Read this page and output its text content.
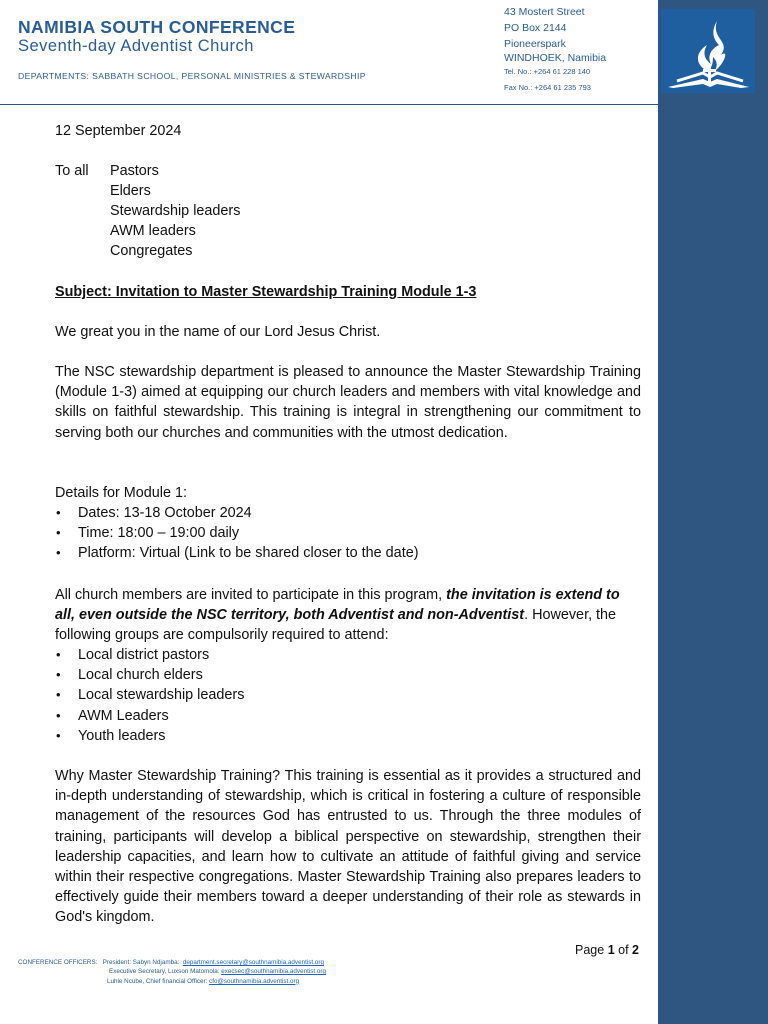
NAMIBIA SOUTH CONFERENCE
Seventh-day Adventist Church
DEPARTMENTS: SABBATH SCHOOL, PERSONAL MINISTRIES & STEWARDSHIP
43 Mostert Street
PO Box 2144
Pioneerspark
WINDHOEK, Namibia
Tel. No.: +264 61 228 140
Fax No.: +264 61 235 793
12 September 2024
To all	Pastors
Elders
Stewardship leaders
AWM leaders
Congregates
Subject: Invitation to Master Stewardship Training Module 1-3
We great you in the name of our Lord Jesus Christ.
The NSC stewardship department is pleased to announce the Master Stewardship Training (Module 1-3) aimed at equipping our church leaders and members with vital knowledge and skills on faithful stewardship. This training is integral in strengthening our commitment to serving both our churches and communities with the utmost dedication.
Details for Module 1:
• Dates: 13-18 October 2024
• Time: 18:00 – 19:00 daily
• Platform: Virtual (Link to be shared closer to the date)
All church members are invited to participate in this program, the invitation is extend to all, even outside the NSC territory, both Adventist and non-Adventist. However, the following groups are compulsorily required to attend:
• Local district pastors
• Local church elders
• Local stewardship leaders
• AWM Leaders
• Youth leaders
Why Master Stewardship Training? This training is essential as it provides a structured and in-depth understanding of stewardship, which is critical in fostering a culture of responsible management of the resources God has entrusted to us. Through the three modules of training, participants will develop a biblical perspective on stewardship, strengthen their leadership capacities, and learn how to cultivate an attitude of faithful giving and service within their respective congregations. Master Stewardship Training also prepares leaders to effectively guide their members toward a deeper understanding of their role as stewards in God's kingdom.
Page 1 of 2
CONFERENCE OFFICERS: President: Sabyn Ndjamba: department.secretary@southnamibia.adventist.org
Executive Secretary, Luxson Matomola: execsec@southnamibia.adventist.org
Luhle Ncube, Chief financial Officer: cfo@southnamibia.adventist.org
